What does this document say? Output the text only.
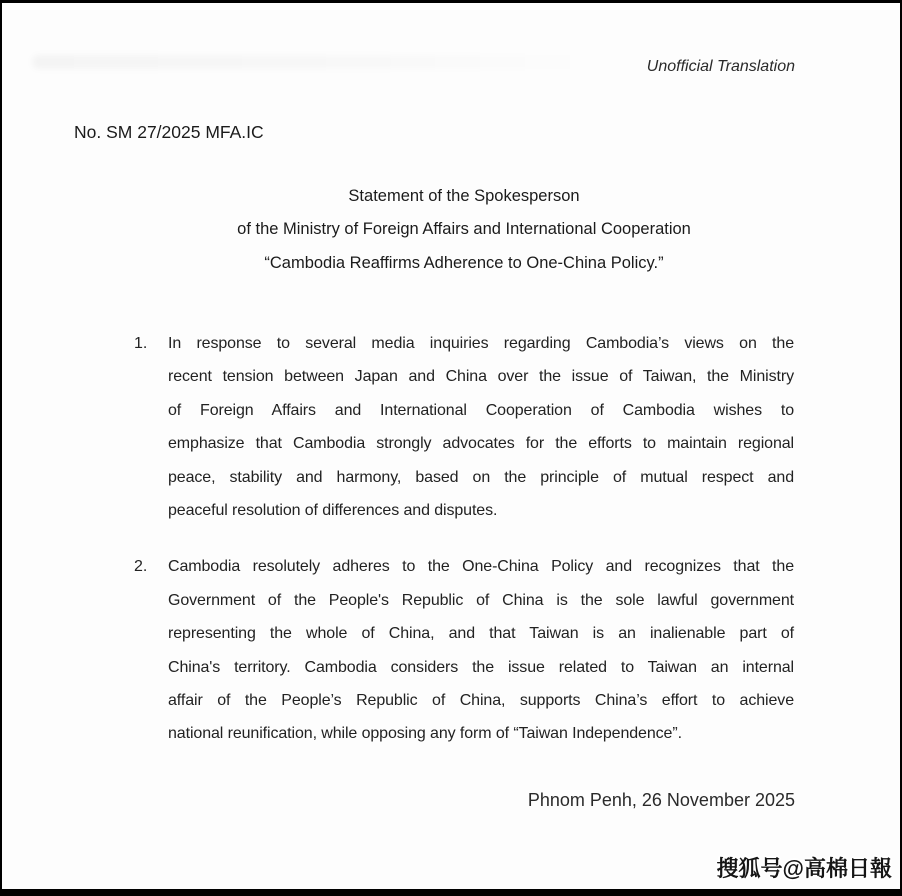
Unofficial Translation
No. SM 27/2025 MFA.IC
Statement of the Spokesperson
of the Ministry of Foreign Affairs and International Cooperation
“Cambodia Reaffirms Adherence to One-China Policy.”
1.	In response to several media inquiries regarding Cambodia’s views on the
recent tension between Japan and China over the issue of Taiwan, the Ministry
of Foreign Affairs and International Cooperation of Cambodia wishes to
emphasize that Cambodia strongly advocates for the efforts to maintain regional
peace, stability and harmony, based on the principle of mutual respect and
peaceful resolution of differences and disputes.
2.	Cambodia resolutely adheres to the One-China Policy and recognizes that the
Government of the People's Republic of China is the sole lawful government
representing the whole of China, and that Taiwan is an inalienable part of
China's territory. Cambodia considers the issue related to Taiwan an internal
affair of the People’s Republic of China, supports China’s effort to achieve
national reunification, while opposing any form of “Taiwan Independence”.
Phnom Penh, 26 November 2025
搜狐号@高棉日報
